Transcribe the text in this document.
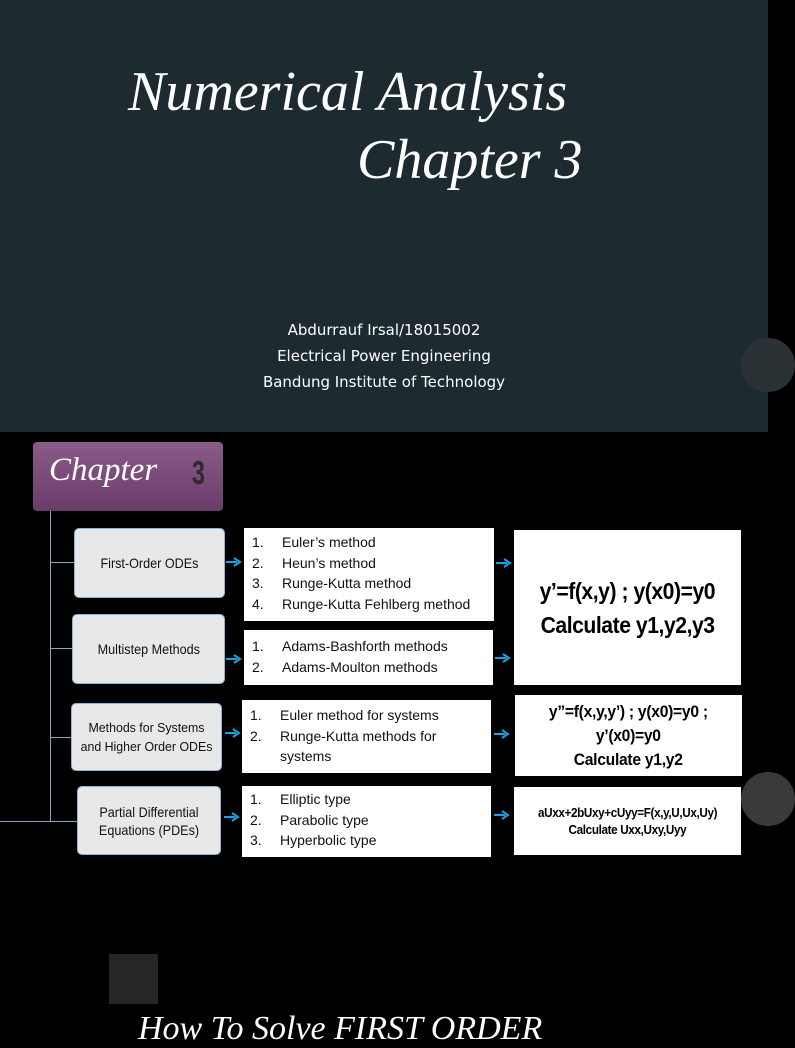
Numerical Analysis
Chapter 3
Abdurrauf Irsal/18015002
Electrical Power Engineering
Bandung Institute of Technology
Chapter 3
First-Order ODEs
Multistep Methods
Methods for Systems and Higher Order ODEs
Partial Differential Equations (PDEs)
1.	Euler’s method
2.	Heun’s method
3.	Runge-Kutta method
4.	Runge-Kutta Fehlberg method
1.	Adams-Bashforth methods
2.	Adams-Moulton methods
1.	Euler method for systems
2.	Runge-Kutta methods for systems
1.	Elliptic type
2.	Parabolic type
3.	Hyperbolic type
y’=f(x,y) ; y(x0)=y0
Calculate y1,y2,y3
y”=f(x,y,y’) ; y(x0)=y0 ;
y’(x0)=y0
Calculate y1,y2
aUxx+2bUxy+cUyy=F(x,y,U,Ux,Uy)
Calculate Uxx,Uxy,Uyy
How To Solve FIRST ORDER
